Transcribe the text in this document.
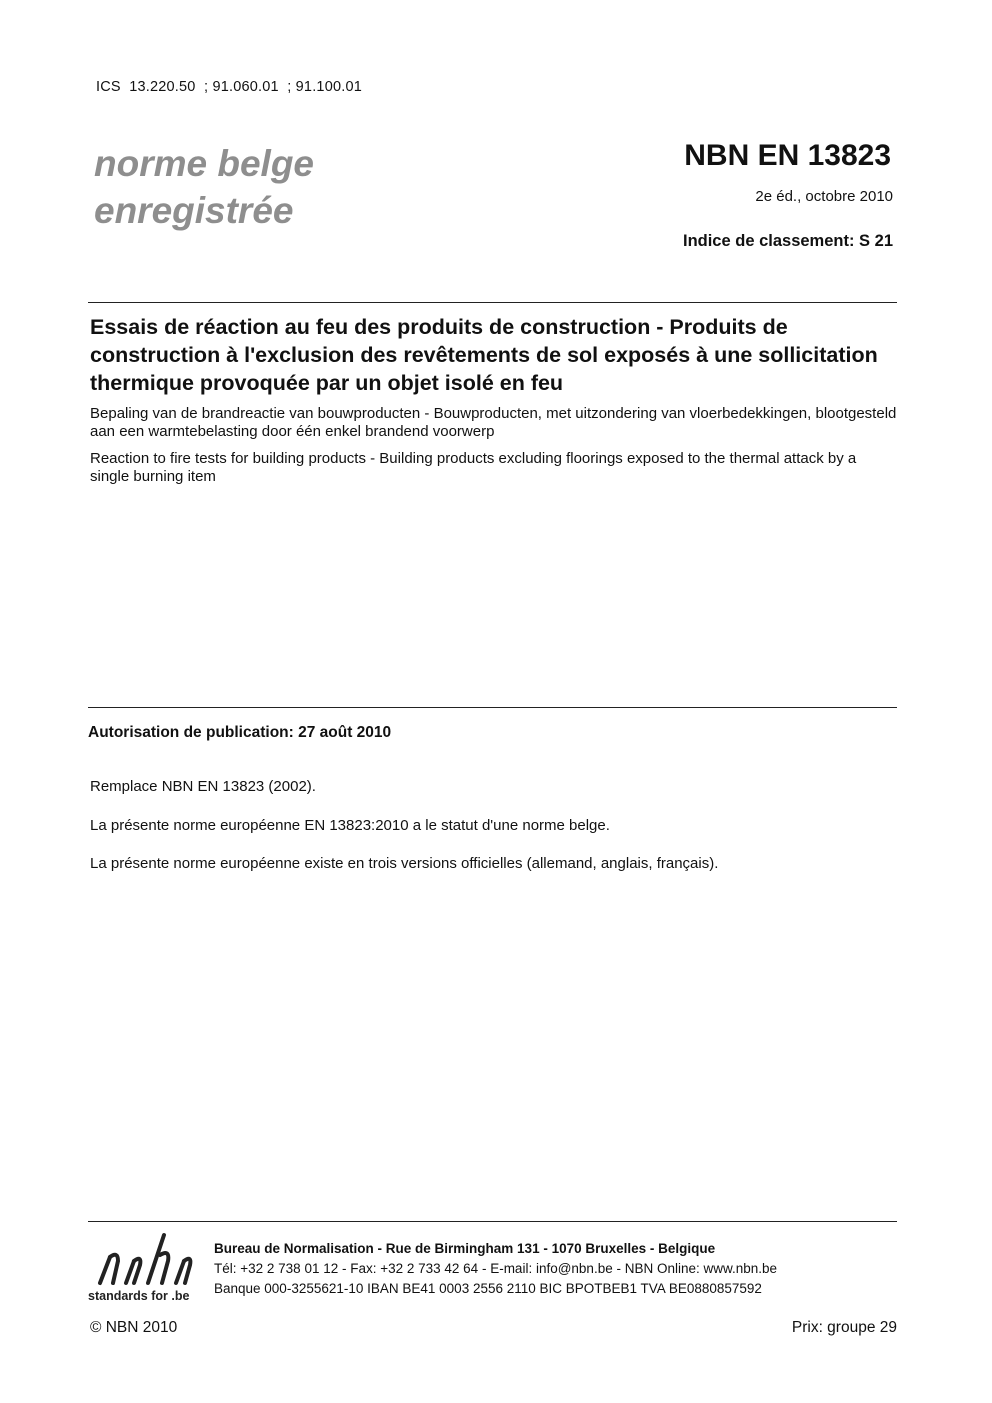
ICS  13.220.50  ; 91.060.01  ; 91.100.01
norme belge
enregistrée
NBN EN 13823
2e éd., octobre 2010
Indice de classement: S 21
Essais de réaction au feu des produits de construction - Produits de construction à l'exclusion des revêtements de sol exposés à une sollicitation thermique provoquée par un objet isolé en feu
Bepaling van de brandreactie van bouwproducten - Bouwproducten, met uitzondering van vloerbedekkingen, blootgesteld aan een warmtebelasting door één enkel brandend voorwerp
Reaction to fire tests for building products - Building products excluding floorings exposed to the thermal attack by a single burning item
Autorisation de publication: 27 août 2010
Remplace NBN EN 13823 (2002).
La présente norme européenne EN 13823:2010 a le statut d'une norme belge.
La présente norme européenne existe en trois versions officielles (allemand, anglais, français).
standards for .be
Bureau de Normalisation - Rue de Birmingham 131 - 1070 Bruxelles - Belgique
Tél: +32 2 738 01 12 - Fax: +32 2 733 42 64 - E-mail: info@nbn.be - NBN Online: www.nbn.be
Banque 000-3255621-10 IBAN BE41 0003 2556 2110 BIC BPOTBEB1 TVA BE0880857592
© NBN 2010	Prix: groupe 29
